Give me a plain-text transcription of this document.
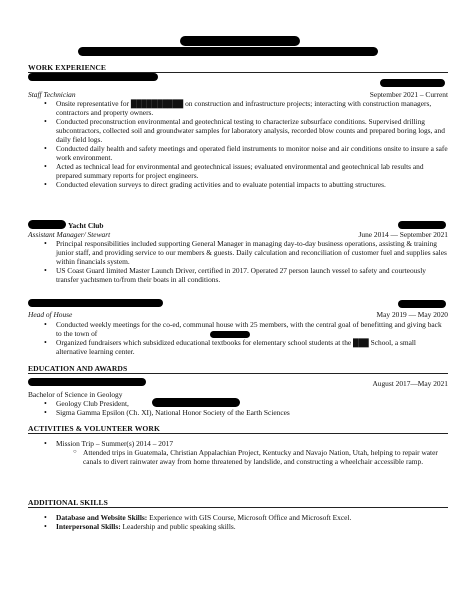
WORK EXPERIENCE
Staff Technician	September 2021 – Current
• Onsite representative for ██████████ on construction and infrastructure projects; interacting with construction managers, contractors and property owners.
• Conducted preconstruction environmental and geotechnical testing to characterize subsurface conditions. Supervised drilling subcontractors, collected soil and groundwater samples for laboratory analysis, recorded blow counts and prepared boring logs, and daily field logs.
• Conducted daily health and safety meetings and operated field instruments to monitor noise and air conditions onsite to insure a safe work environment.
• Acted as technical lead for environmental and geotechnical issues; evaluated environmental and geotechnical lab results and prepared summary reports for project engineers.
• Conducted elevation surveys to direct grading activities and to evaluate potential impacts to abutting structures.
Yacht Club
Assistant Manager/ Stewart	June 2014 — September 2021
• Principal responsibilities included supporting General Manager in managing day-to-day business operations, assisting & training junior staff, and providing service to our members & guests. Daily calculation and reconciliation of customer fuel and supplies sales within financials system.
• US Coast Guard limited Master Launch Driver, certified in 2017. Operated 27 person launch vessel to safety and courteously transfer yachtsmen to/from their boats in all conditions.
Head of House	May 2019 — May 2020
• Conducted weekly meetings for the co-ed, communal house with 25 members, with the central goal of benefitting and giving back to the town of
• Organized fundraisers which subsidized educational textbooks for elementary school students at the ███ School, a small alternative learning center.
EDUCATION AND AWARDS
August 2017—May 2021
Bachelor of Science in Geology
• Geology Club President,
• Sigma Gamma Epsilon (Ch. XI), National Honor Society of the Earth Sciences
ACTIVITIES & VOLUNTEER WORK
• Mission Trip – Summer(s) 2014 – 2017
○ Attended trips in Guatemala, Christian Appalachian Project, Kentucky and Navajo Nation, Utah, helping to repair water canals to divert rainwater away from home threatened by landslide, and constructing a wheelchair accessible ramp.
ADDITIONAL SKILLS
• Database and Website Skills: Experience with GIS Course, Microsoft Office and Microsoft Excel.
• Interpersonal Skills: Leadership and public speaking skills.
